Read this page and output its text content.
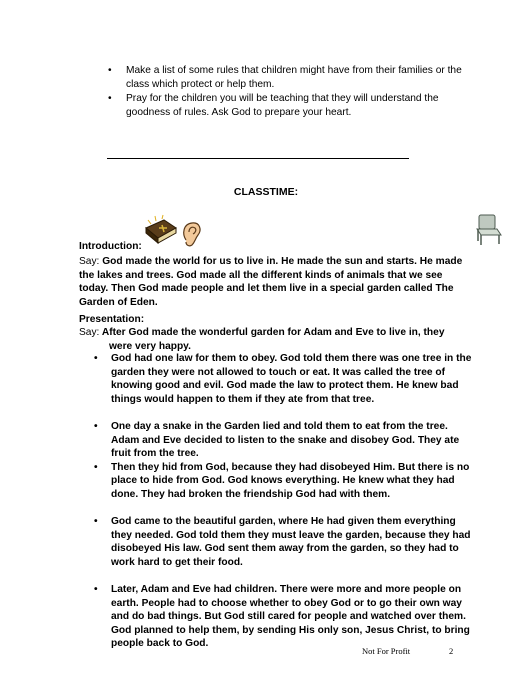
• Make a list of some rules that children might have from their families or the class which protect or help them.
• Pray for the children you will be teaching that they will understand the goodness of rules. Ask God to prepare your heart.
CLASSTIME:
Introduction:
Say: God made the world for us to live in. He made the sun and starts. He made the lakes and trees. God made all the different kinds of animals that we see today. Then God made people and let them live in a special garden called The Garden of Eden.
Presentation:
Say: After God made the wonderful garden for Adam and Eve to live in, they
were very happy.
• God had one law for them to obey. God told them there was one tree in the garden they were not allowed to touch or eat. It was called the tree of knowing good and evil. God made the law to protect them. He knew bad things would happen to them if they ate from that tree.
• One day a snake in the Garden lied and told them to eat from the tree. Adam and Eve decided to listen to the snake and disobey God. They ate fruit from the tree.
• Then they hid from God, because they had disobeyed Him. But there is no place to hide from God. God knows everything. He knew what they had done. They had broken the friendship God had with them.
• God came to the beautiful garden, where He had given them everything they needed. God told them they must leave the garden, because they had disobeyed His law. God sent them away from the garden, so they had to work hard to get their food.
• Later, Adam and Eve had children. There were more and more people on earth. People had to choose whether to obey God or to go their own way and do bad things. But God still cared for people and watched over them. God planned to help them, by sending His only son, Jesus Christ, to bring people back to God.
Not For Profit	2
